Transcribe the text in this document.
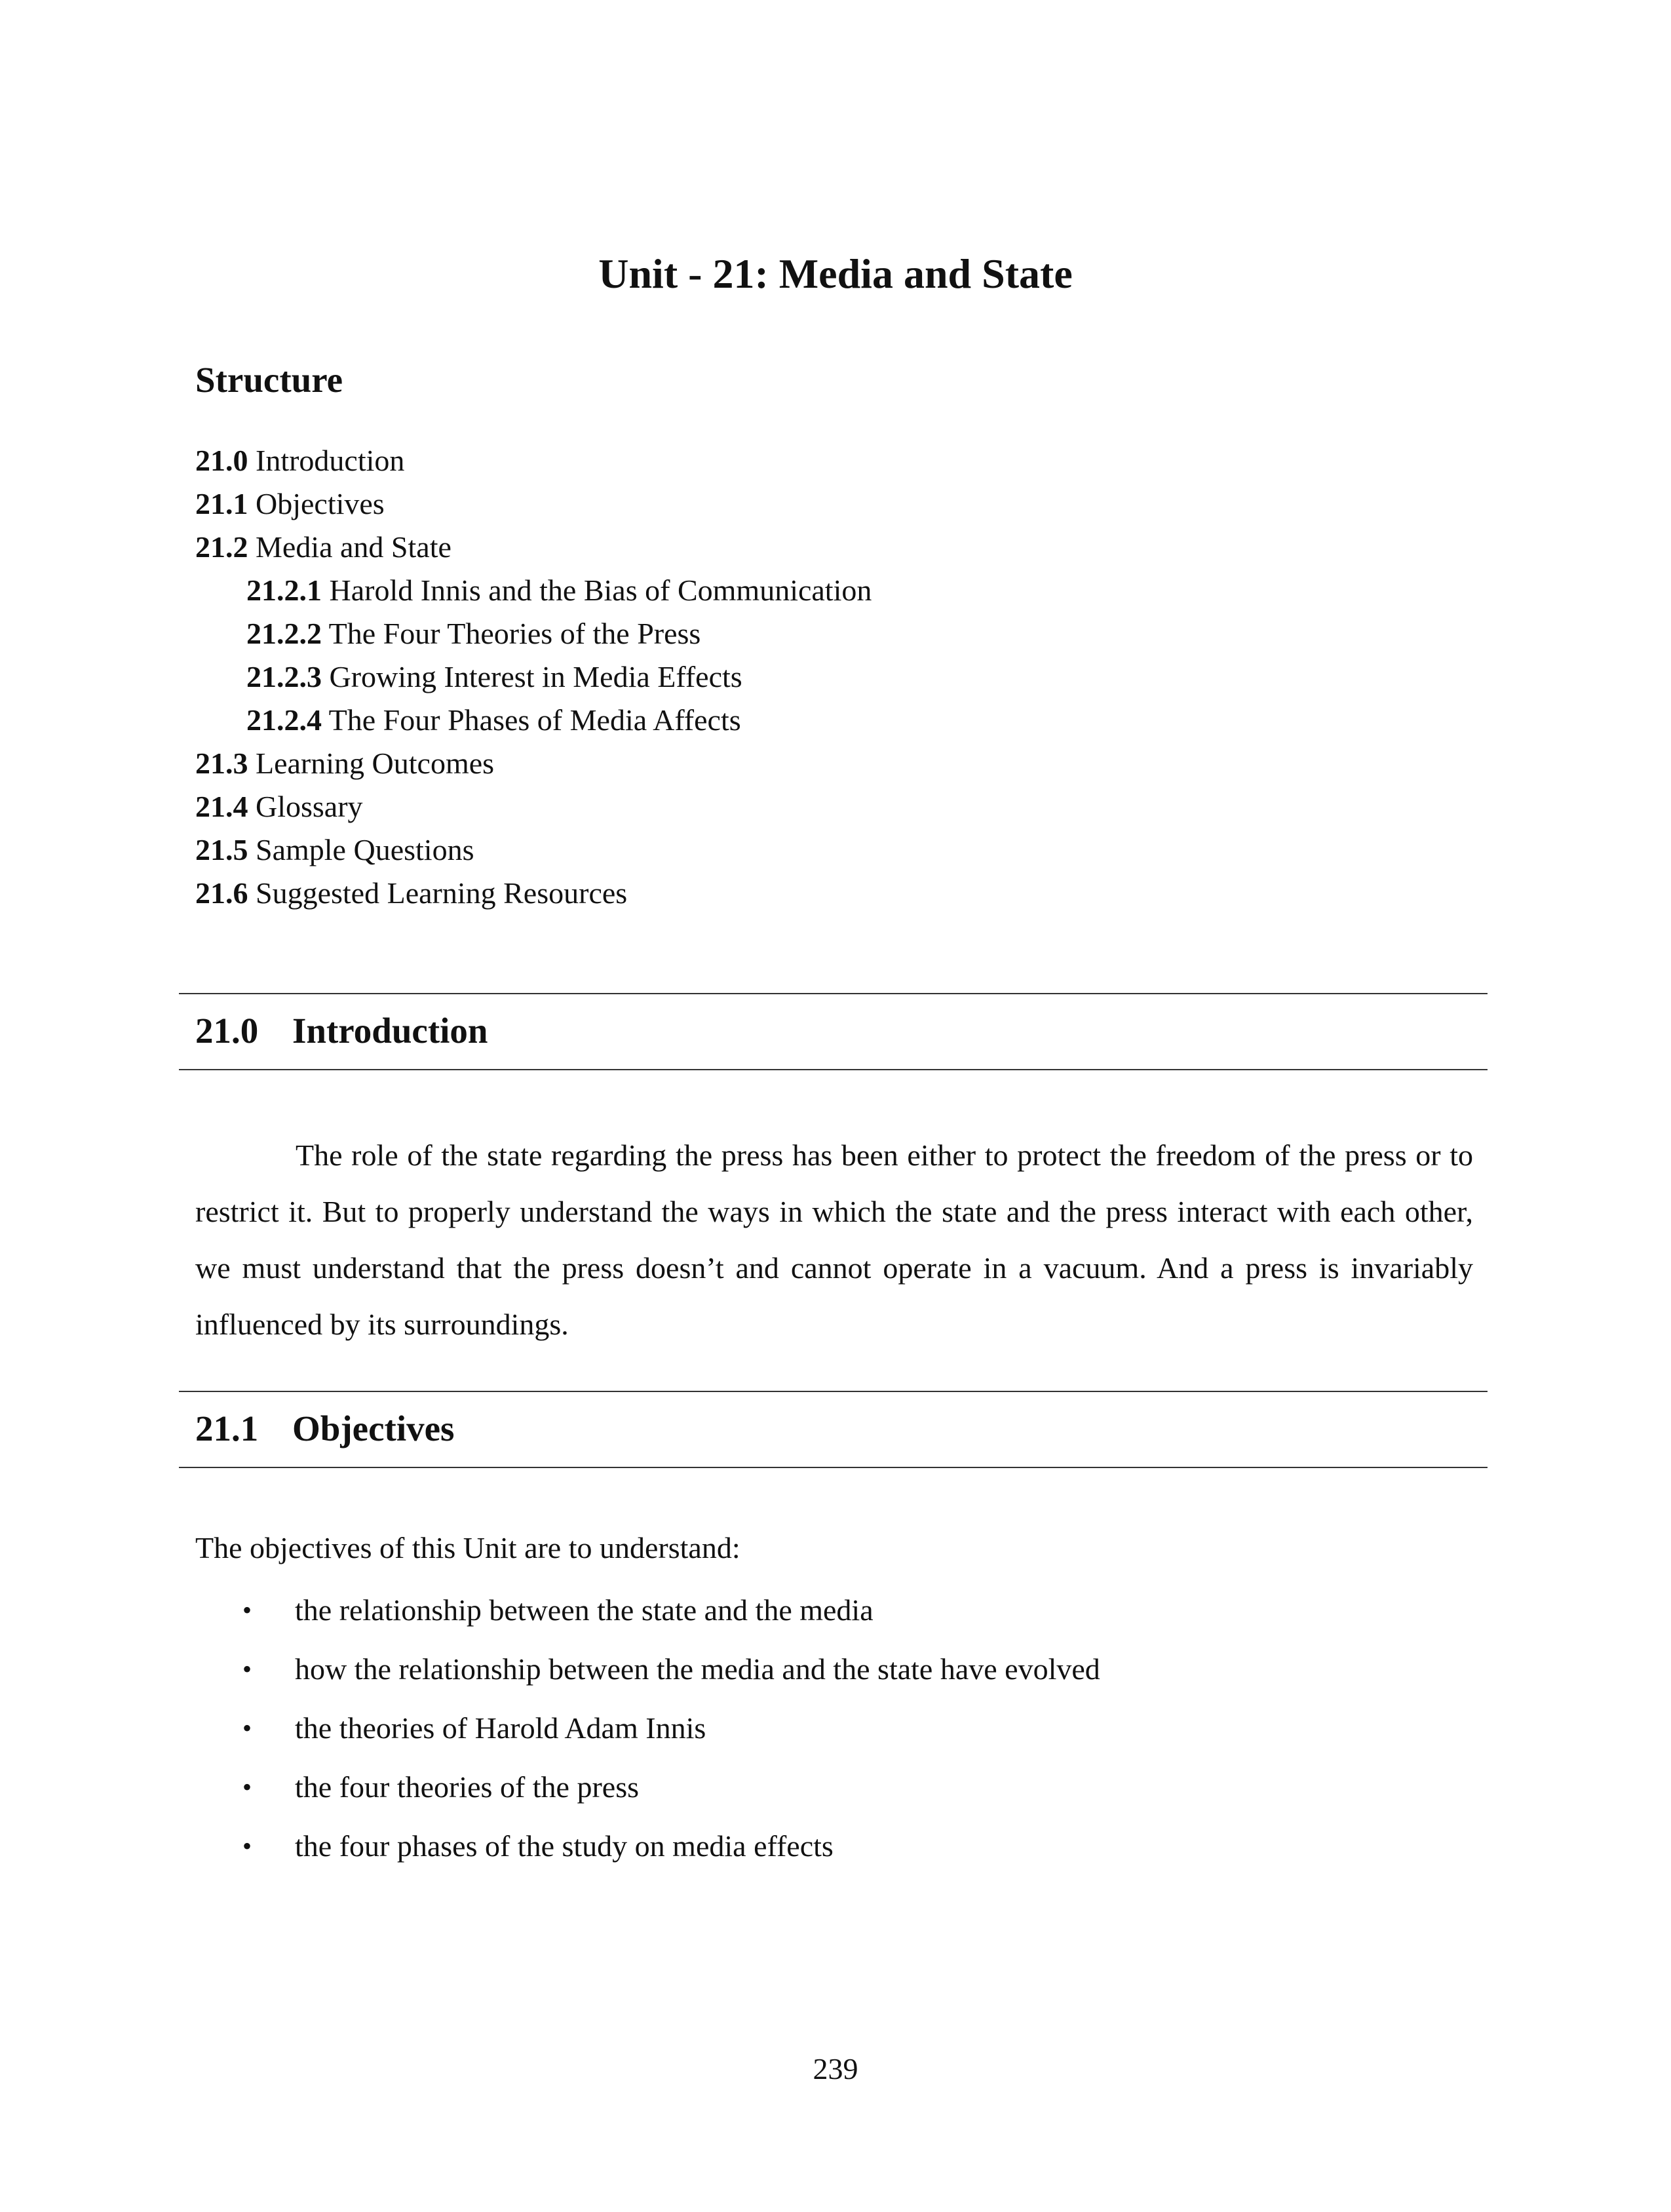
Unit - 21: Media and State
Structure
21.0 Introduction
21.1 Objectives
21.2 Media and State
21.2.1 Harold Innis and the Bias of Communication
21.2.2 The Four Theories of the Press
21.2.3 Growing Interest in Media Effects
21.2.4 The Four Phases of Media Affects
21.3 Learning Outcomes
21.4 Glossary
21.5 Sample Questions
21.6 Suggested Learning Resources
21.0 Introduction

The role of the state regarding the press has been either to protect the freedom of the press or to restrict it. But to properly understand the ways in which the state and the press interact with each other, we must understand that the press doesn’t and cannot operate in a vacuum. And a press is invariably influenced by its surroundings.

21.1 Objectives

The objectives of this Unit are to understand:

• the relationship between the state and the media
• how the relationship between the media and the state have evolved
• the theories of Harold Adam Innis
• the four theories of the press
• the four phases of the study on media effects
239
